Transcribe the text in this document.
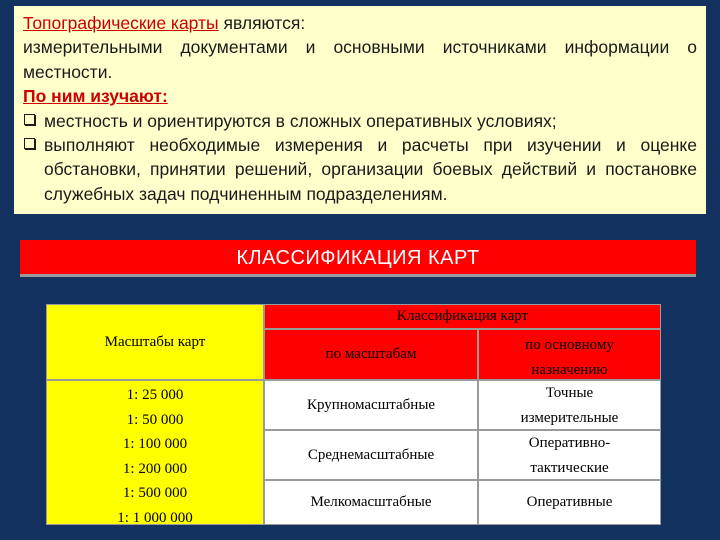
Топографические карты являются:

измерительными документами и основными источниками информации о местности.

По ним изучают:

местность и ориентируются в сложных оперативных условиях;
выполняют необходимые измерения и расчеты при изучении и оценке обстановки, принятии решений, организации боевых действий и постановке служебных задач подчиненным подразделениям.
КЛАССИФИКАЦИЯ КАРТ
Масштабы карт
Классификация карт
по масштабам
по основному назначению
1: 25 000
1: 50 000
1: 100 000
1: 200 000
1: 500 000
1: 1 000 000
Крупномасштабные
Среднемасштабные
Мелкомасштабные
Точные измерительные
Оперативно-тактические
Оперативные
